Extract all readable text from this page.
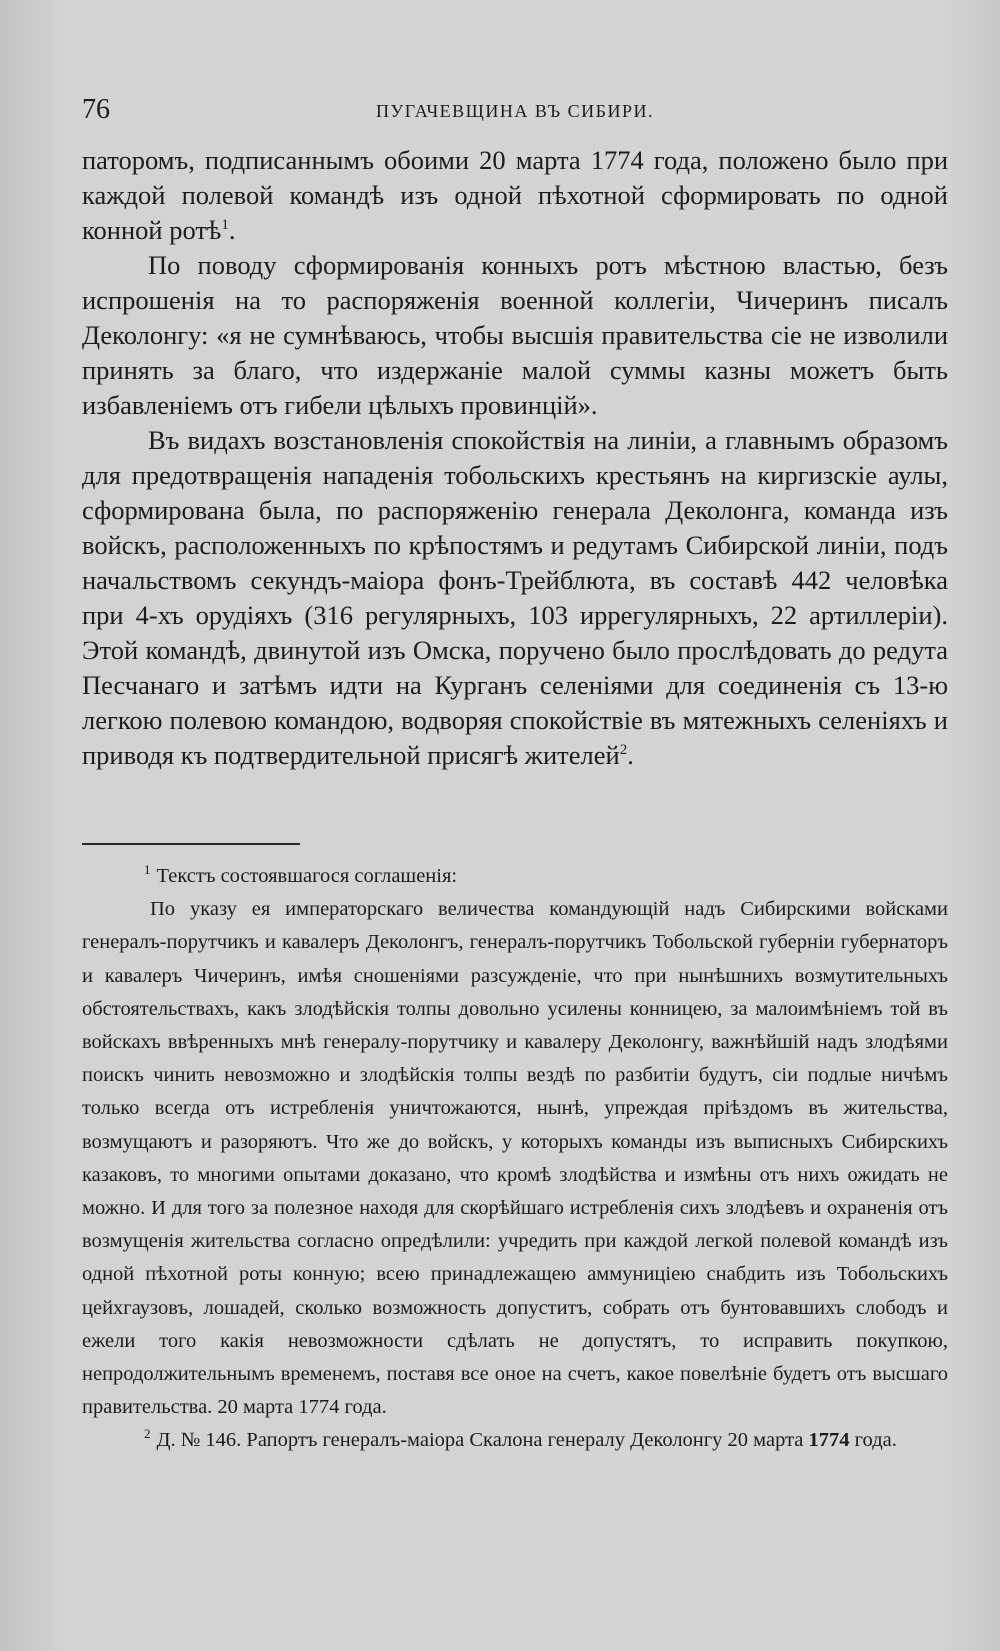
76	ПУГАЧЕВЩИНА ВЪ СИБИРИ.

паторомъ, подписаннымъ обоими 20 марта 1774 года, положено было при каждой полевой командѣ изъ одной пѣхотной сформировать по одной конной ротѣ$^1$.

По поводу сформированія конныхъ ротъ мѣстною властью, безъ испрошенія на то распоряженія военной коллегіи, Чичеринъ писалъ Деколонгу: «я не сумнѣваюсь, чтобы высшія правительства сіе не изволили принять за благо, что издержаніе малой суммы казны можетъ быть избавленіемъ отъ гибели цѣлыхъ провинцій».

Въ видахъ возстановленія спокойствія на линіи, а главнымъ образомъ для предотвращенія нападенія тобольскихъ крестьянъ на киргизскіе аулы, сформирована была, по распоряженію генерала Деколонга, команда изъ войскъ, расположенныхъ по крѣпостямъ и редутамъ Сибирской линіи, подъ начальствомъ секундъ-маіора фонъ-Трейблюта, въ составѣ 442 человѣка при 4-хъ орудіяхъ (316 регулярныхъ, 103 иррегулярныхъ, 22 артиллеріи). Этой командѣ, двинутой изъ Омска, поручено было прослѣдовать до редута Песчанаго и затѣмъ идти на Курганъ селеніями для соединенія съ 13-ю легкою полевою командою, водворяя спокойствіе въ мятежныхъ селеніяхъ и приводя къ подтвердительной присягѣ жителей$^2$.

$^1$ Текстъ состоявшагося соглашенія:

По указу ея императорскаго величества командующій надъ Сибирскими войсками генералъ-порутчикъ и кавалеръ Деколонгъ, генералъ-порутчикъ Тобольской губерніи губернаторъ и кавалеръ Чичеринъ, имѣя сношеніями разсужденіе, что при нынѣшнихъ возмутительныхъ обстоятельствахъ, какъ злодѣйскія толпы довольно усилены конницею, за малоимѣніемъ той въ войскахъ ввѣренныхъ мнѣ генералу-порутчику и кавалеру Деколонгу, важнѣйшій надъ злодѣями поискъ чинить невозможно и злодѣйскія толпы вездѣ по разбитіи будутъ, сіи подлые ничѣмъ только всегда отъ истребленія уничтожаются, нынѣ, упреждая пріѣздомъ въ жительства, возмущаютъ и разоряютъ. Что же до войскъ, у которыхъ команды изъ выписныхъ Сибирскихъ казаковъ, то многими опытами доказано, что кромѣ злодѣйства и измѣны отъ нихъ ожидать не можно. И для того за полезное находя для скорѣйшаго истребленія сихъ злодѣевъ и охраненія отъ возмущенія жительства согласно опредѣлили: учредить при каждой легкой полевой командѣ изъ одной пѣхотной роты конную; всею принадлежащею аммуниціею снабдить изъ Тобольскихъ цейхгаузовъ, лошадей, сколько возможность допуститъ, собрать отъ бунтовавшихъ слободъ и ежели того какія невозможности сдѣлать не допустятъ, то исправить покупкою, непродолжительнымъ временемъ, поставя все оное на счетъ, какое повелѣніе будетъ отъ высшаго правительства. 20 марта 1774 года.

$^2$ Д. № 146. Рапортъ генералъ-маіора Скалона генералу Деколонгу 20 марта 1774 года.
